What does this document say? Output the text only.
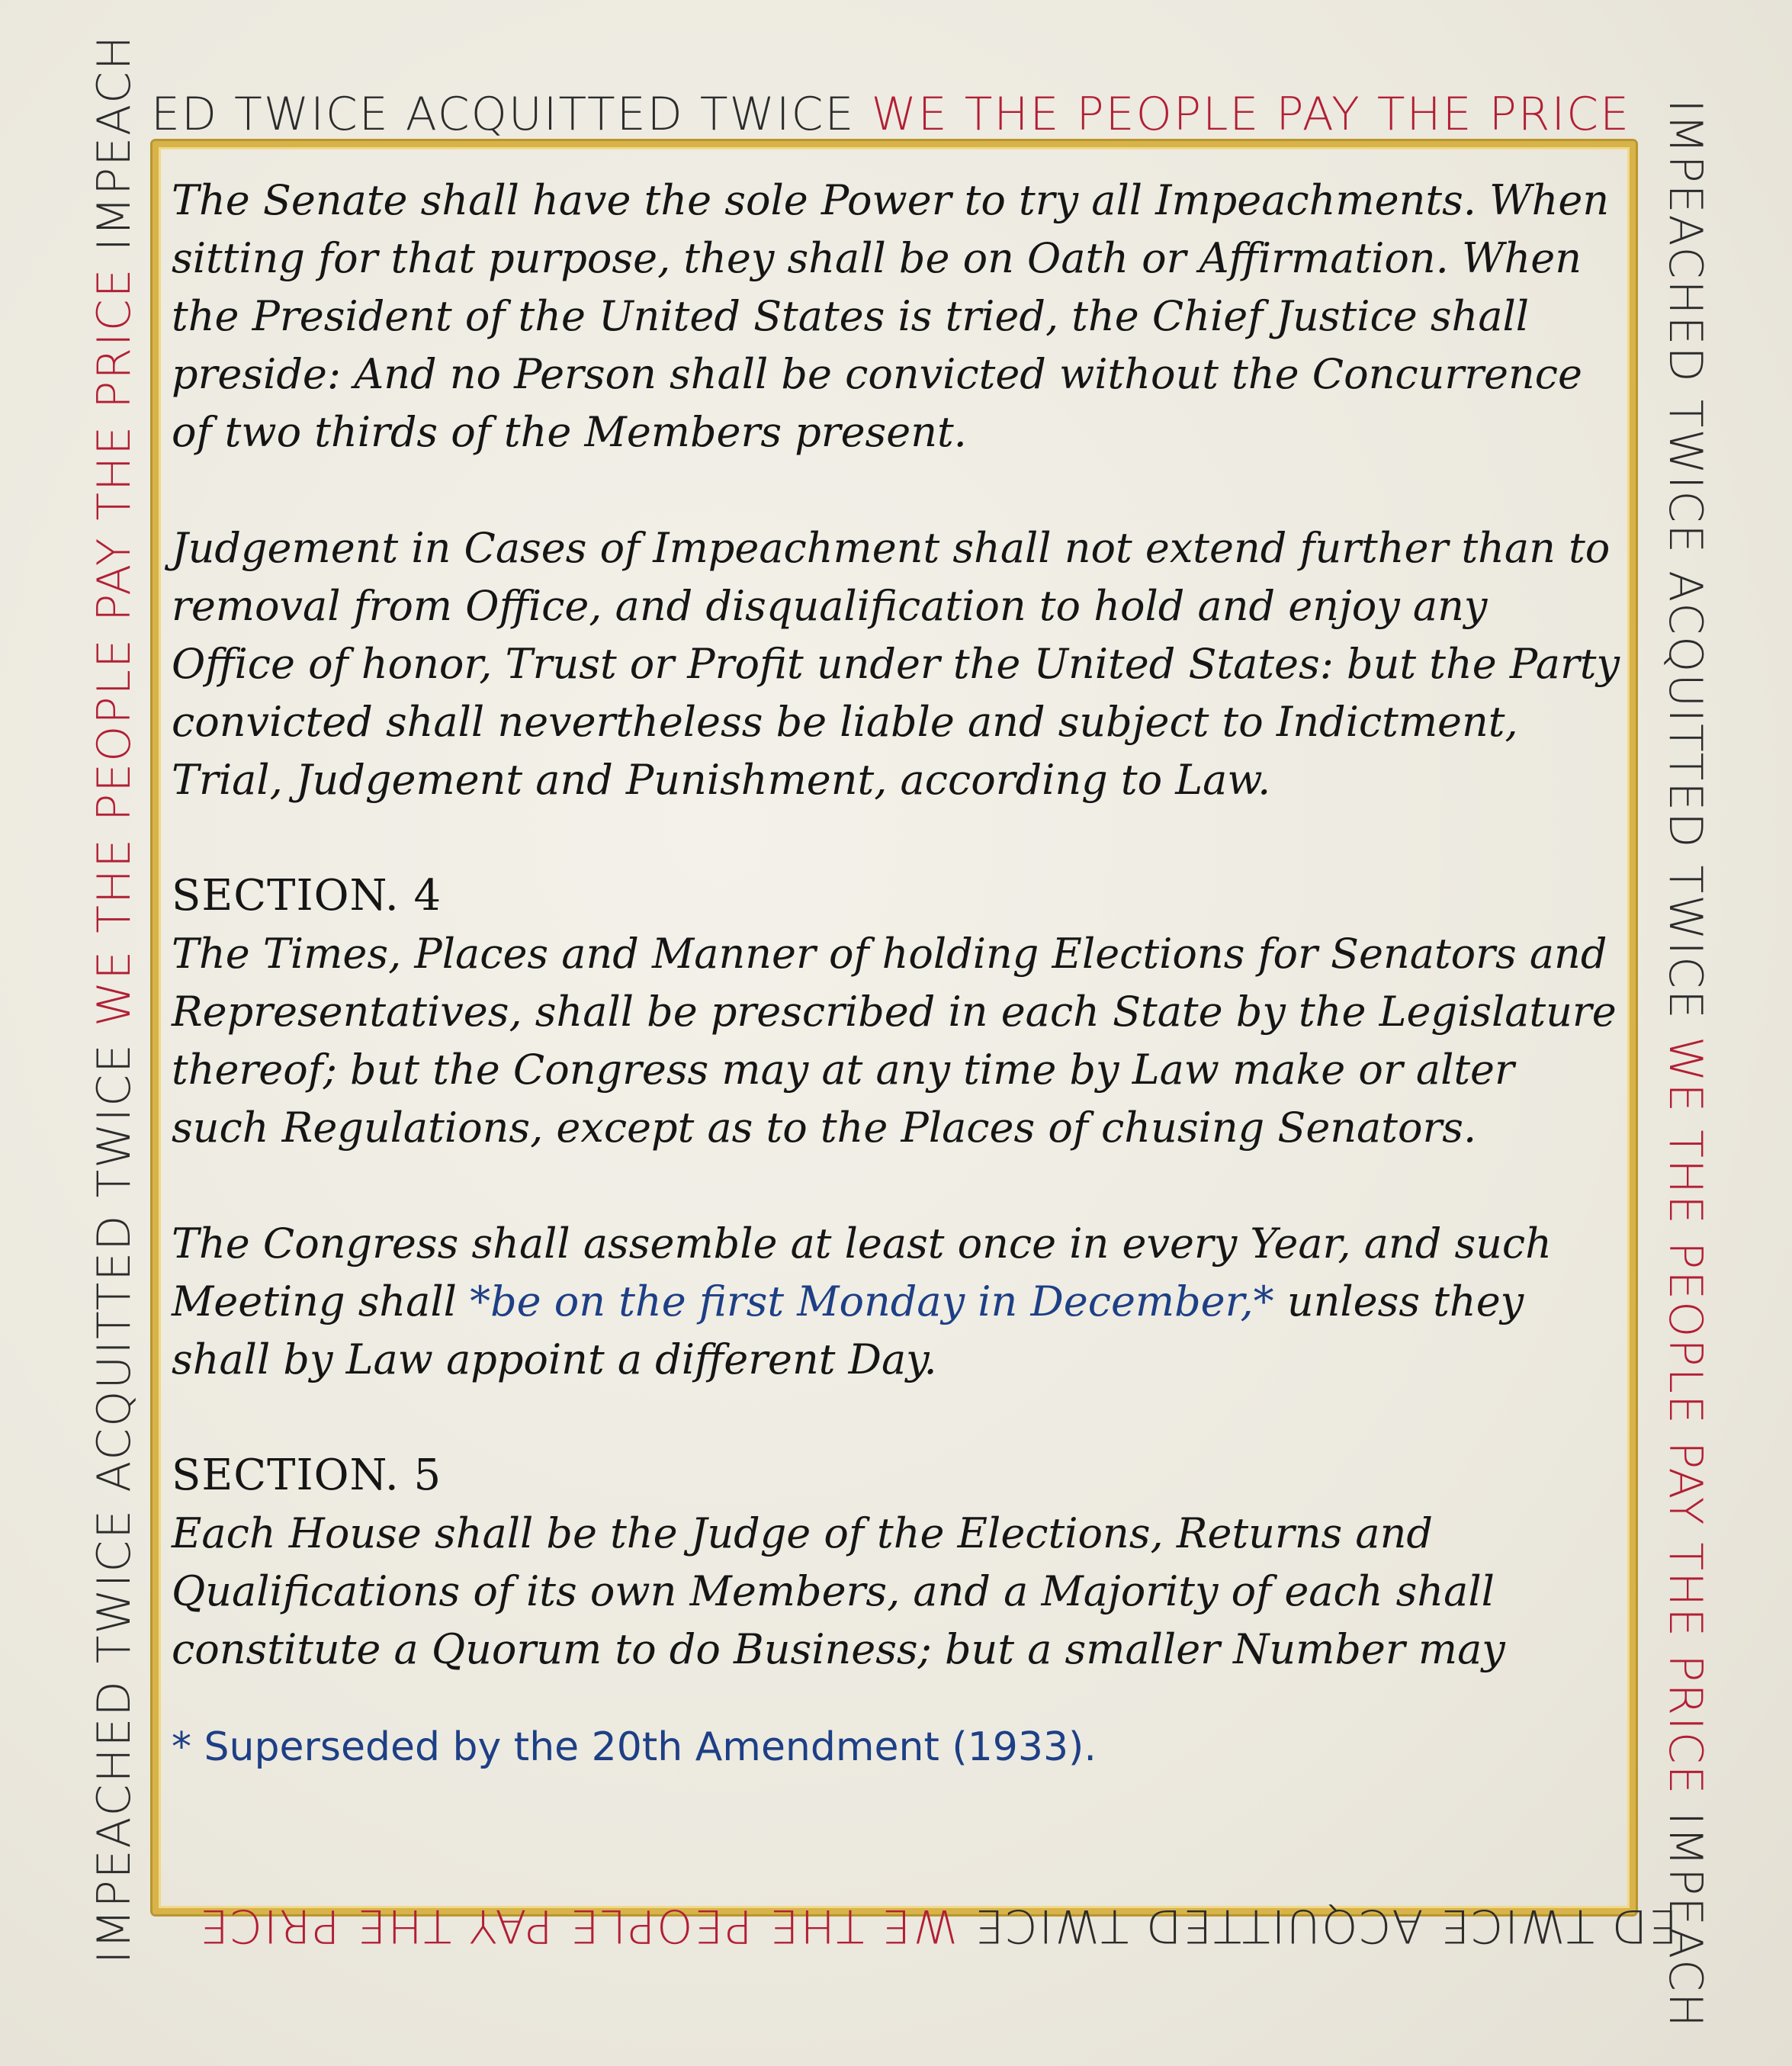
ED TWICE ACQUITTED TWICE WE THE PEOPLE PAY THE PRICE IMPEACHED TWICE ACQUITTED TWICE WE THE PEOPLE PAY THE PRICE IMPEACH
ED TWICE ACQUITTED TWICE WE THE PEOPLE PAY THE PRICE
IMPEACHED TWICE ACQUITTED TWICE WE THE PEOPLE PAY THE PRICE IMPEACH The Senate shall have the sole Power to try all Impeachments. When sitting for that purpose, they shall be on Oath or Affirmation. When the President of the United States is tried, the Chief Justice shall preside: And no Person shall be convicted without the Concurrence of two thirds of the Members present.

Judgement in Cases of Impeachment shall not extend further than to removal from Office, and disqualification to hold and enjoy any Office of honor, Trust or Profit under the United States: but the Party convicted shall nevertheless be liable and subject to Indictment, Trial, Judgement and Punishment, according to Law.

SECTION. 4

The Times, Places and Manner of holding Elections for Senators and Representatives, shall be prescribed in each State by the Legislature thereof; but the Congress may at any time by Law make or alter such Regulations, except as to the Places of chusing Senators.

The Congress shall assemble at least once in every Year, and such Meeting shall *be on the first Monday in December,* unless they shall by Law appoint a different Day.

SECTION. 5

Each House shall be the Judge of the Elections, Returns and Qualifications of its own Members, and a Majority of each shall constitute a Quorum to do Business; but a smaller Number may

* Superseded by the 20th Amendment (1933).
